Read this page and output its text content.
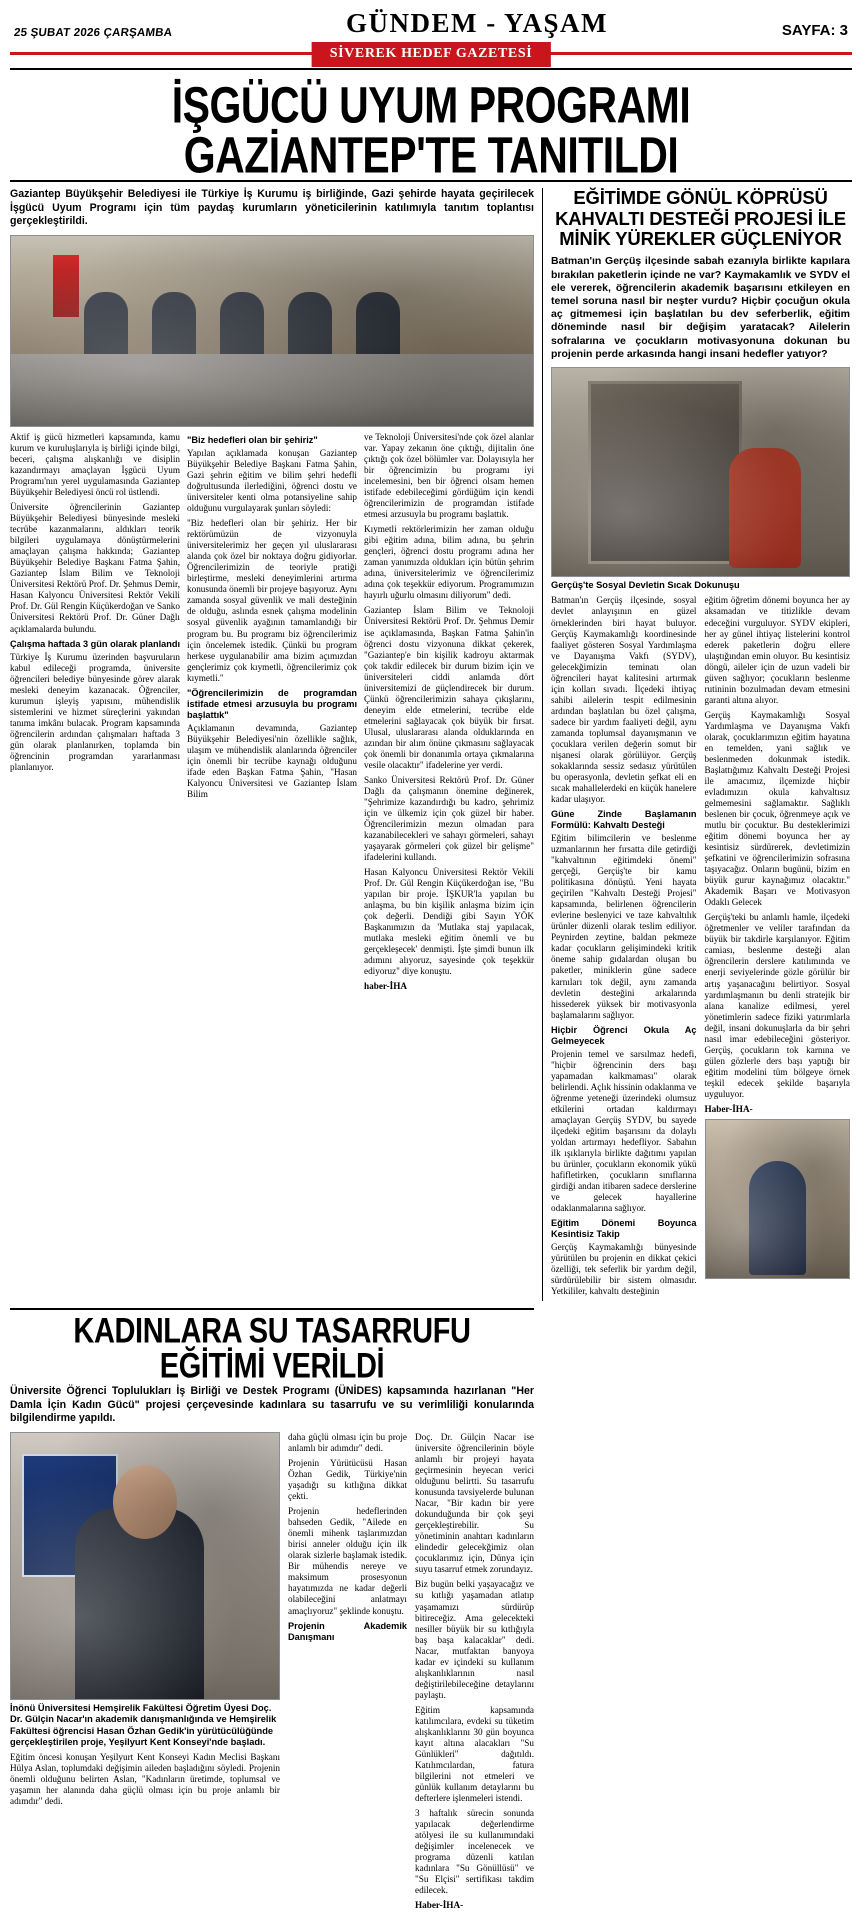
25 ŞUBAT 2026 ÇARŞAMBA	GÜNDEM - YAŞAM	SAYFA: 3
SİVEREK HEDEF GAZETESİ
İŞGÜCÜ UYUM PROGRAMI
GAZİANTEP'TE TANITILDI
Gaziantep Büyükşehir Belediyesi ile Türkiye İş Kurumu iş birliğinde, Gazi şehirde hayata geçirilecek İşgücü Uyum Programı için tüm paydaş kurumların yöneticilerinin katılımıyla tanıtım toplantısı gerçekleştirildi.

Aktif iş gücü hizmetleri kapsamında, kamu kurum ve kuruluşlarıyla iş birliği içinde bilgi, beceri, çalışma alışkanlığı ve disiplin kazandırmayı amaçlayan İşgücü Uyum Programı'nın yerel uygulamasında Gaziantep Büyükşehir Belediyesi öncü rol üstlendi.

Üniversite öğrencilerinin Gaziantep Büyükşehir Belediyesi bünyesinde mesleki tecrübe kazanmalarını, aldıkları teorik bilgileri uygulamaya dönüştürmelerini amaçlayan çalışma hakkında; Gaziantep Büyükşehir Belediye Başkanı Fatma Şahin, Gaziantep İslam Bilim ve Teknoloji Üniversitesi Rektörü Prof. Dr. Şehmus Demir, Hasan Kalyoncu Üniversitesi Rektör Vekili Prof. Dr. Gül Rengin Küçükerdoğan ve Sanko Üniversitesi Rektörü Prof. Dr. Güner Dağlı açıklamalarda bulundu.

Çalışma haftada 3 gün olarak planlandı

Türkiye İş Kurumu üzerinden başvuruların kabul edileceği programda, üniversite öğrencileri belediye bünyesinde görev alarak mesleki deneyim kazanacak. Öğrenciler, kurumun işleyiş yapısını, mühendislik sistemlerini ve hizmet süreçlerini yakından tanıma imkânı bulacak. Program kapsamında öğrencilerin ardından çalışmaları haftada 3 gün olarak planlanırken, toplamda bin öğrencinin programdan yararlanması planlanıyor.

"Biz hedefleri olan bir şehiriz"

Yapılan açıklamada konuşan Gaziantep Büyükşehir Belediye Başkanı Fatma Şahin, Gazi şehrin eğitim ve bilim şehri hedefli doğrultusunda ilerlediğini, öğrenci dostu ve üniversiteler kenti olma potansiyeline sahip olduğunu vurgulayarak şunları söyledi:

"Biz hedefleri olan bir şehiriz. Her bir rektörümüzün de vizyonuyla üniversitelerimiz her geçen yıl uluslararası alanda çok özel bir noktaya doğru gidiyorlar. Öğrencilerimizin de teoriyle pratiği birleştirme, mesleki deneyimlerini artırma konusunda önemli bir projeye başıyoruz. Aynı zamanda sosyal güvenlik ve mali desteğinin de olduğu, aslında esnek çalışma modelinin sosyal güvenlik ayağının tamamlandığı bir program bu. Bu programı biz öğrencilerimiz için öncelemek istedik. Çünkü bu program herkese uygulanabilir ama bizim açımızdan gençlerimiz çok kıymetli, öğrencilerimiz çok kıymetli."

"Öğrencilerimizin de programdan istifade etmesi arzusuyla bu programı başlattık"

Açıklamanın devamında, Gaziantep Büyükşehir Belediyesi'nin özellikle sağlık, ulaşım ve mühendislik alanlarında öğrenciler için önemli bir tecrübe kaynağı olduğunu ifade eden Başkan Fatma Şahin, "Hasan Kalyoncu Üniversitesi ve Gaziantep İslam Bilim

ve Teknoloji Üniversitesi'nde çok özel alanlar var. Yapay zekanın öne çıktığı, dijitalin öne çıktığı çok özel bölümler var. Dolayısıyla her bir öğrencimizin bu programı iyi incelemesini, ben bir öğrenci olsam hemen istifade edebileceğimi gördüğüm için kendi öğrencilerimizin de programdan istifade etmesi arzusuyla bu programı başlattık.

Kıymetli rektörlerimizin her zaman olduğu gibi eğitim adına, bilim adına, bu şehrin gençleri, öğrenci dostu programı adına her zaman yanımızda oldukları için bütün şehrim adına, üniversitelerimiz ve öğrencilerimiz adına çok teşekkür ediyorum. Programımızın hayırlı uğurlu olmasını diliyorum" dedi.

Gaziantep İslam Bilim ve Teknoloji Üniversitesi Rektörü Prof. Dr. Şehmus Demir ise açıklamasında, Başkan Fatma Şahin'in öğrenci dostu vizyonuna dikkat çekerek, "Gaziantep'e bin kişilik kadroyu aktarmak çok takdir edilecek bir durum bizim için ve üniversiteleri ciddi anlamda dört üniversitemizi de güçlendirecek bir durum. Çünkü öğrencilerimizin sahaya çıkışlarını, deneyim elde etmelerini, tecrübe elde etmelerini sağlayacak çok büyük bir fırsat. Ulusal, uluslararası alanda olduklarında en azından bir alım önüne çıkmasını sağlayacak çok önemli bir donanımla ortaya çıkmalarına vesile olacaktır" ifadelerine yer verdi.

Sanko Üniversitesi Rektörü Prof. Dr. Güner Dağlı da çalışmanın önemine değinerek, "Şehrimize kazandırdığı bu kadro, şehrimiz için ve ülkemiz için çok güzel bir haber. Öğrencilerimizin mezun olmadan para kazanabilecekleri ve sahayı görmeleri, sahayı yaşayarak görmeleri çok güzel bir gelişme" ifadelerini kullandı.

Hasan Kalyoncu Üniversitesi Rektör Vekili Prof. Dr. Gül Rengin Küçükerdoğan ise, "Bu yapılan bir proje. İŞKUR'la yapılan bu anlaşma, bu bin kişilik anlaşma bizim için çok değerli. Dendiği gibi Sayın YÖK Başkanımızın da 'Mutlaka staj yapılacak, mutlaka mesleki eğitim önemli ve bu gerçekleşecek' denmişti. İşte şimdi bunun ilk adımını alıyoruz, sayesinde çok teşekkür ediyoruz" diye konuştu.

haber-İHA

EĞİTİMDE GÖNÜL KÖPRÜSÜ KAHVALTI DESTEĞİ PROJESİ İLE MİNİK YÜREKLER GÜÇLENİYOR
Batman'ın Gerçüş ilçesinde sabah ezanıyla birlikte kapılara bırakılan paketlerin içinde ne var? Kaymakamlık ve SYDV el ele vererek, öğrencilerin akademik başarısını etkileyen en temel soruna nasıl bir neşter vurdu? Hiçbir çocuğun okula aç gitmemesi için başlatılan bu dev seferberlik, eğitim döneminde nasıl bir değişim yaratacak? Ailelerin sofralarına ve çocukların motivasyonuna dokunan bu projenin perde arkasında hangi insani hedefler yatıyor?
Gerçüş'te Sosyal Devletin Sıcak Dokunuşu

Batman'ın Gerçüş ilçesinde, sosyal devlet anlayışının en güzel örneklerinden biri hayat buluyor. Gerçüş Kaymakamlığı koordinesinde faaliyet gösteren Sosyal Yardımlaşma ve Dayanışma Vakfı (SYDV), gelecekğimizin teminatı olan öğrencileri hayat kalitesini artırmak için kolları sıvadı. İlçedeki ihtiyaç sahibi ailelerin tespit edilmesinin ardından başlatılan bu özel çalışma, sadece bir yardım faaliyeti değil, aynı zamanda toplumsal dayanışmanın ve çocuklara verilen değerin somut bir nişanesi olarak görülüyor. Gerçüş sokaklarında sessiz sedasız yürütülen bu operasyonla, devletin şefkat eli en sıcak mahallelerdeki en küçük hanelere kadar ulaşıyor.

Güne Zinde Başlamanın Formülü: Kahvaltı Desteği

Eğitim bilimcilerin ve beslenme uzmanlarının her fırsatta dile getirdiği "kahvaltının eğitimdeki önemi" gerçeği, Gerçüş'te bir kamu politikasına dönüştü. Yeni hayata geçirilen "Kahvaltı Desteği Projesi" kapsamında, belirlenen öğrencilerin evlerine beslenyici ve taze kahvaltılık ürünler düzenli olarak teslim ediliyor. Peynirden zeytine, baldan pekmeze kadar çocukların gelişimindeki kritik öneme sahip gıdalardan oluşan bu paketler, miniklerin güne sadece karnıları tok değil, aynı zamanda devletin desteğini arkalarında hissederek yüksek bir motivasyonla başlamalarını sağlıyor.

Hiçbir Öğrenci Okula Aç Gelmeyecek

Projenin temel ve sarsılmaz hedefi, "hiçbir öğrencinin ders başı yapamadan kalkmaması" olarak belirlendi. Açlık hissinin odaklanma ve öğrenme yeteneği üzerindeki olumsuz etkilerini ortadan kaldırmayı amaçlayan Gerçüş SYDV, bu sayede ilçedeki eğitim başarısını da dolaylı yoldan artırmayı hedefliyor. Sabahın ilk ışıklarıyla birlikte dağıtımı yapılan bu ürünler, çocukların ekonomik yükü hafifletirken, çocukların sınıflarına girdiği andan itibaren sadece derslerine ve gelecek hayallerine odaklanmalarına sağlıyor.

Eğitim Dönemi Boyunca Kesintisiz Takip

Gerçüş Kaymakamlığı bünyesinde yürütülen bu projenin en dikkat çekici özelliği, tek seferlik bir yardım değil, sürdürülebilir bir sistem olmasıdır. Yetkililer, kahvaltı desteğinin

eğitim öğretim dönemi boyunca her ay aksamadan ve titizlikle devam edeceğini vurguluyor. SYDV ekipleri, her ay günel ihtiyaç listelerini kontrol ederek paketlerin doğru ellere ulaştığından emin oluyor. Bu kesintisiz döngü, aileler için de uzun vadeli bir güven sağlıyor; çocukların beslenme rutininin bozulmadan devam etmesini garanti altına alıyor.

Gerçüş Kaymakamlığı Sosyal Yardımlaşma ve Dayanışma Vakfı olarak, çocuklarımızın eğitim hayatına en temelden, yani sağlık ve beslenmeden dokunmak istedik. Başlattığımız Kahvaltı Desteği Projesi ile amacımız, ilçemizde hiçbir evladımızın okula kahvaltısız gelmemesini sağlamaktır. Sağlıklı beslenen bir çocuk, öğrenmeye açık ve mutlu bir çocuktur. Bu desteklerimizi eğitim dönemi boyunca her ay kesintisiz sürdürerek, devletimizin şefkatini ve öğrencilerimizin sofrasına taşıyacağız. Onların bugünü, bizim en büyük gurur kaynağımız olacaktır." Akademik Başarı ve Motivasyon Odaklı Gelecek

Gerçüş'teki bu anlamlı hamle, ilçedeki öğretmenler ve veliler tarafından da büyük bir takdirle karşılanıyor. Eğitim camiası, beslenme desteği alan öğrencilerin derslere katılımında ve enerji seviyelerinde gözle görülür bir artış yaşanacağını belirtiyor. Sosyal yardımlaşmanın bu denli stratejik bir alana kanalize edilmesi, yerel yönetimlerin sadece fiziki yatırımlarla değil, insani dokunuşlarla da bir şehri nasıl imar edebileceğini gösteriyor. Gerçüş, çocukların tok karnına ve gülen gözlerle ders başı yaptığı bir eğitim modelini tüm bölgeye örnek teşkil edecek şekilde başarıyla uyguluyor.

Haber-İHA-

KADINLARA SU TASARRUFU
EĞİTİMİ VERİLDİ
Üniversite Öğrenci Toplulukları İş Birliği ve Destek Programı (ÜNİDES) kapsamında hazırlanan "Her Damla İçin Kadın Gücü" projesi çerçevesinde kadınlara su tasarrufu ve su verimliliği konularında bilgilendirme yapıldı.
İnönü Üniversitesi Hemşirelik Fakültesi Öğretim Üyesi Doç. Dr. Gülçin Nacar'ın akademik danışmanlığında ve Hemşirelik Fakültesi öğrencisi Hasan Özhan Gedik'in yürütücülüğünde gerçekleştirilen proje, Yeşilyurt Kent Konseyi'nde başladı.

Eğitim öncesi konuşan Yeşilyurt Kent Konseyi Kadın Meclisi Başkanı Hülya Aslan, toplumdaki değişimin aileden başladığını söyledi. Projenin önemli olduğunu belirten Aslan, "Kadınların üretimde, toplumsal ve yaşamın her alanında daha güçlü olması için bu proje anlamlı bir adımdır" dedi.

daha güçlü olması için bu proje anlamlı bir adımdır" dedi.

Projenin Yürütücüsü Hasan Özhan Gedik, Türkiye'nin yaşadığı su kıtlığına dikkat çekti.

Projenin hedeflerinden bahseden Gedik, "Ailede en önemli mihenk taşlarımızdan birisi anneler olduğu için ilk olarak sizlerle başlamak istedik. Bir mühendis nereye ve maksimum prosesyonun hayatımızda ne kadar değerli olabileceğini anlatmayı amaçlıyoruz" şeklinde konuştu.

Projenin Akademik Danışmanı

Doç. Dr. Gülçin Nacar ise üniversite öğrencilerinin böyle anlamlı bir projeyi hayata geçirmesinin heyecan verici olduğunu belirtti. Su tasarrufu konusunda tavsiyelerde bulunan Nacar, "Bir kadın bir yere dokunduğunda bir çok şeyi gerçekleştirebilir. Su yönetiminin anahtarı kadınların elindedir gelecekğimiz olan çocuklarımız için, Dünya için suyu tasarruf etmek zorundayız.

Biz bugün belki yaşayacağız ve su kıtlığı yaşamadan atlatıp yaşamamızı sürdürüp bitireceğiz. Ama gelecekteki nesiller büyük bir su kıtlığıyla baş başa kalacaklar" dedi. Nacar, mutfaktan banyoya kadar ev içindeki su kullanım alışkanlıklarının nasıl değiştirilebileceğine detaylarını paylaştı.

Eğitim kapsamında katılımcılara, evdeki su tüketim alışkanlıklarını 30 gün boyunca kayıt altına alacakları "Su Günlükleri" dağıtıldı. Katılımcılardan, fatura bilgilerini not etmeleri ve günlük kullanım detaylarını bu defterlere işlenmeleri istendi.

3 haftalık sürecin sonunda yapılacak değerlendirme atölyesi ile su kullanımındaki değişimler incelenecek ve programa düzenli katılan kadınlara "Su Gönüllüsü" ve "Su Elçisi" sertifikası takdim edilecek.

Haber-İHA-
